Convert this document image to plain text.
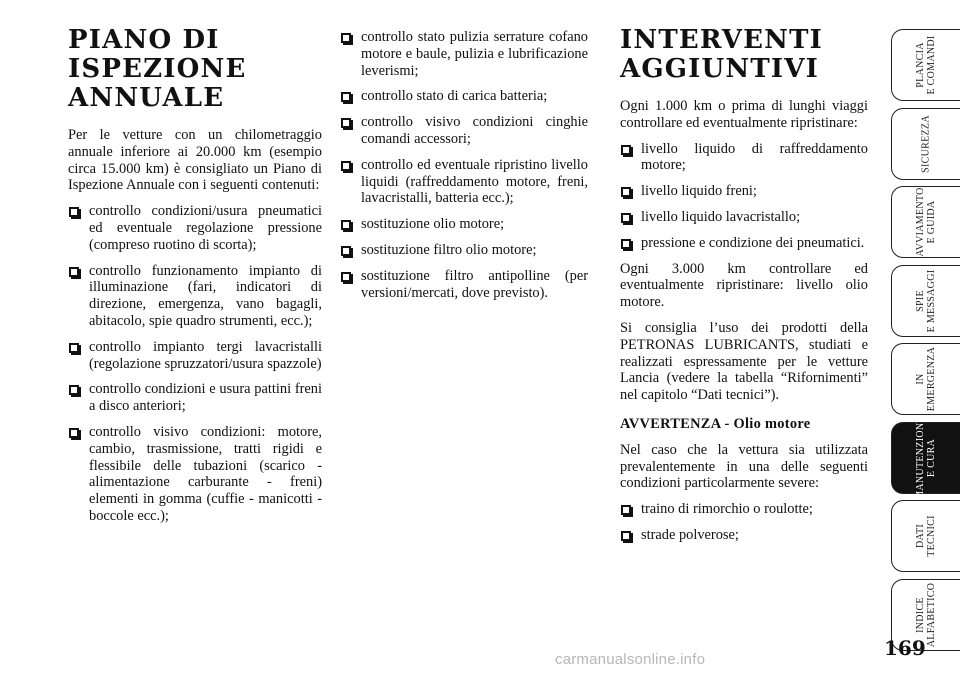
PIANO DI
ISPEZIONE
ANNUALE

Per le vetture con un chilometraggio annuale inferiore ai 20.000 km (esempio circa 15.000 km) è consigliato un Piano di Ispezione Annuale con i seguenti contenuti:

controllo condizioni/usura pneumatici ed eventuale regolazione pressione (compreso ruotino di scorta);
controllo funzionamento impianto di illuminazione (fari, indicatori di direzione, emergenza, vano bagagli, abitacolo, spie quadro strumenti, ecc.);
controllo impianto tergi lavacristalli (regolazione spruzzatori/usura spazzole)
controllo condizioni e usura pattini freni a disco anteriori;
controllo visivo condizioni: motore, cambio, trasmissione, tratti rigidi e flessibile delle tubazioni (scarico - alimentazione carburante - freni) elementi in gomma (cuffie - manicotti - boccole ecc.);
controllo stato pulizia serrature cofano motore e baule, pulizia e lubrificazione leverismi;
controllo stato di carica batteria;
controllo visivo condizioni cinghie comandi accessori;
controllo ed eventuale ripristino livello liquidi (raffreddamento motore, freni, lavacristalli, batteria ecc.);
sostituzione olio motore;
sostituzione filtro olio motore;
sostituzione filtro antipolline (per versioni/mercati, dove previsto).
INTERVENTI
AGGIUNTIVI

Ogni 1.000 km o prima di lunghi viaggi controllare ed eventualmente ripristinare:

livello liquido di raffreddamento motore;
livello liquido freni;
livello liquido lavacristallo;
pressione e condizione dei pneumatici.

Ogni 3.000 km controllare ed eventualmente ripristinare: livello olio motore.

Si consiglia l’uso dei prodotti della PETRONAS LUBRICANTS, studiati e realizzati espressamente per le vetture Lancia (vedere la tabella “Rifornimenti” nel capitolo “Dati tecnici”).

AVVERTENZA - Olio motore

Nel caso che la vettura sia utilizzata prevalentemente in una delle seguenti condizioni particolarmente severe:

traino di rimorchio o roulotte;
strade polverose;
PLANCIA E COMANDI
SICUREZZA
AVVIAMENTO E GUIDA
SPIE E MESSAGGI
IN EMERGENZA
MANUTENZIONE E CURA
DATI TECNICI
INDICE ALFABETICO
169
carmanualsonline.info
